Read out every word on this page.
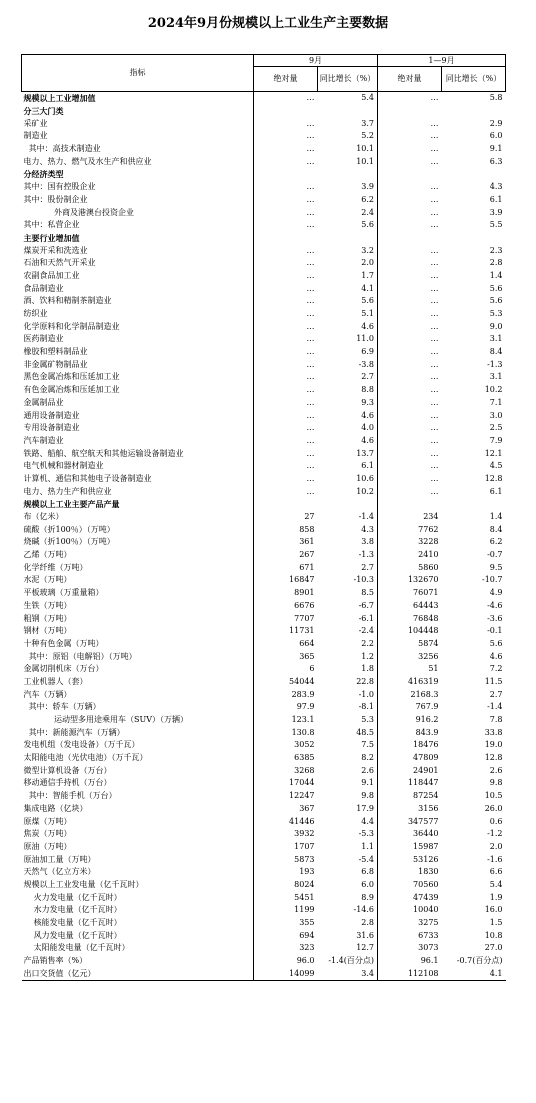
2024年9月份规模以上工业生产主要数据
指标	9月		1—9月	
	绝对量	同比增长（%）	绝对量	同比增长（%）
规模以上工业增加值	…	5.4	…	5.8
分三大门类				
采矿业	…	3.7	…	2.9
制造业	…	5.2	…	6.0
其中：高技术制造业	…	10.1	…	9.1
电力、热力、燃气及水生产和供应业	…	10.1	…	6.3
分经济类型				
其中：国有控股企业	…	3.9	…	4.3
其中：股份制企业	…	6.2	…	6.1
外商及港澳台投资企业	…	2.4	…	3.9
其中：私营企业	…	5.6	…	5.5
主要行业增加值				
煤炭开采和洗选业	…	3.2	…	2.3
石油和天然气开采业	…	2.0	…	2.8
农副食品加工业	…	1.7	…	1.4
食品制造业	…	4.1	…	5.6
酒、饮料和精制茶制造业	…	5.6	…	5.6
纺织业	…	5.1	…	5.3
化学原料和化学制品制造业	…	4.6	…	9.0
医药制造业	…	11.0	…	3.1
橡胶和塑料制品业	…	6.9	…	8.4
非金属矿物制品业	…	-3.8	…	-1.3
黑色金属冶炼和压延加工业	…	2.7	…	3.1
有色金属冶炼和压延加工业	…	8.8	…	10.2
金属制品业	…	9.3	…	7.1
通用设备制造业	…	4.6	…	3.0
专用设备制造业	…	4.0	…	2.5
汽车制造业	…	4.6	…	7.9
铁路、船舶、航空航天和其他运输设备制造业	…	13.7	…	12.1
电气机械和器材制造业	…	6.1	…	4.5
计算机、通信和其他电子设备制造业	…	10.6	…	12.8
电力、热力生产和供应业	…	10.2	…	6.1
规模以上工业主要产品产量				
布（亿米）	27	-1.4	234	1.4
硫酸（折100％）（万吨）	858	4.3	7762	8.4
烧碱（折100％）（万吨）	361	3.8	3228	6.2
乙烯（万吨）	267	-1.3	2410	-0.7
化学纤维（万吨）	671	2.7	5860	9.5
水泥（万吨）	16847	-10.3	132670	-10.7
平板玻璃（万重量箱）	8901	8.5	76071	4.9
生铁（万吨）	6676	-6.7	64443	-4.6
粗钢（万吨）	7707	-6.1	76848	-3.6
钢材（万吨）	11731	-2.4	104448	-0.1
十种有色金属（万吨）	664	2.2	5874	5.6
其中：原铝（电解铝）（万吨）	365	1.2	3256	4.6
金属切削机床（万台）	6	1.8	51	7.2
工业机器人（套）	54044	22.8	416319	11.5
汽车（万辆）	283.9	-1.0	2168.3	2.7
其中：轿车（万辆）	97.9	-8.1	767.9	-1.4
运动型多用途乘用车（SUV）（万辆）	123.1	5.3	916.2	7.8
其中：新能源汽车（万辆）	130.8	48.5	843.9	33.8
发电机组（发电设备）（万千瓦）	3052	7.5	18476	19.0
太阳能电池（光伏电池）（万千瓦）	6385	8.2	47809	12.8
微型计算机设备（万台）	3268	2.6	24901	2.6
移动通信手持机（万台）	17044	9.1	118447	9.8
其中：智能手机（万台）	12247	9.8	87254	10.5
集成电路（亿块）	367	17.9	3156	26.0
原煤（万吨）	41446	4.4	347577	0.6
焦炭（万吨）	3932	-5.3	36440	-1.2
原油（万吨）	1707	1.1	15987	2.0
原油加工量（万吨）	5873	-5.4	53126	-1.6
天然气（亿立方米）	193	6.8	1830	6.6
规模以上工业发电量（亿千瓦时）	8024	6.0	70560	5.4
火力发电量（亿千瓦时）	5451	8.9	47439	1.9
水力发电量（亿千瓦时）	1199	-14.6	10040	16.0
核能发电量（亿千瓦时）	355	2.8	3275	1.5
风力发电量（亿千瓦时）	694	31.6	6733	10.8
太阳能发电量（亿千瓦时）	323	12.7	3073	27.0
产品销售率（%）	96.0	-1.4(百分点)	96.1	-0.7(百分点)
出口交货值（亿元）	14099	3.4	112108	4.1
